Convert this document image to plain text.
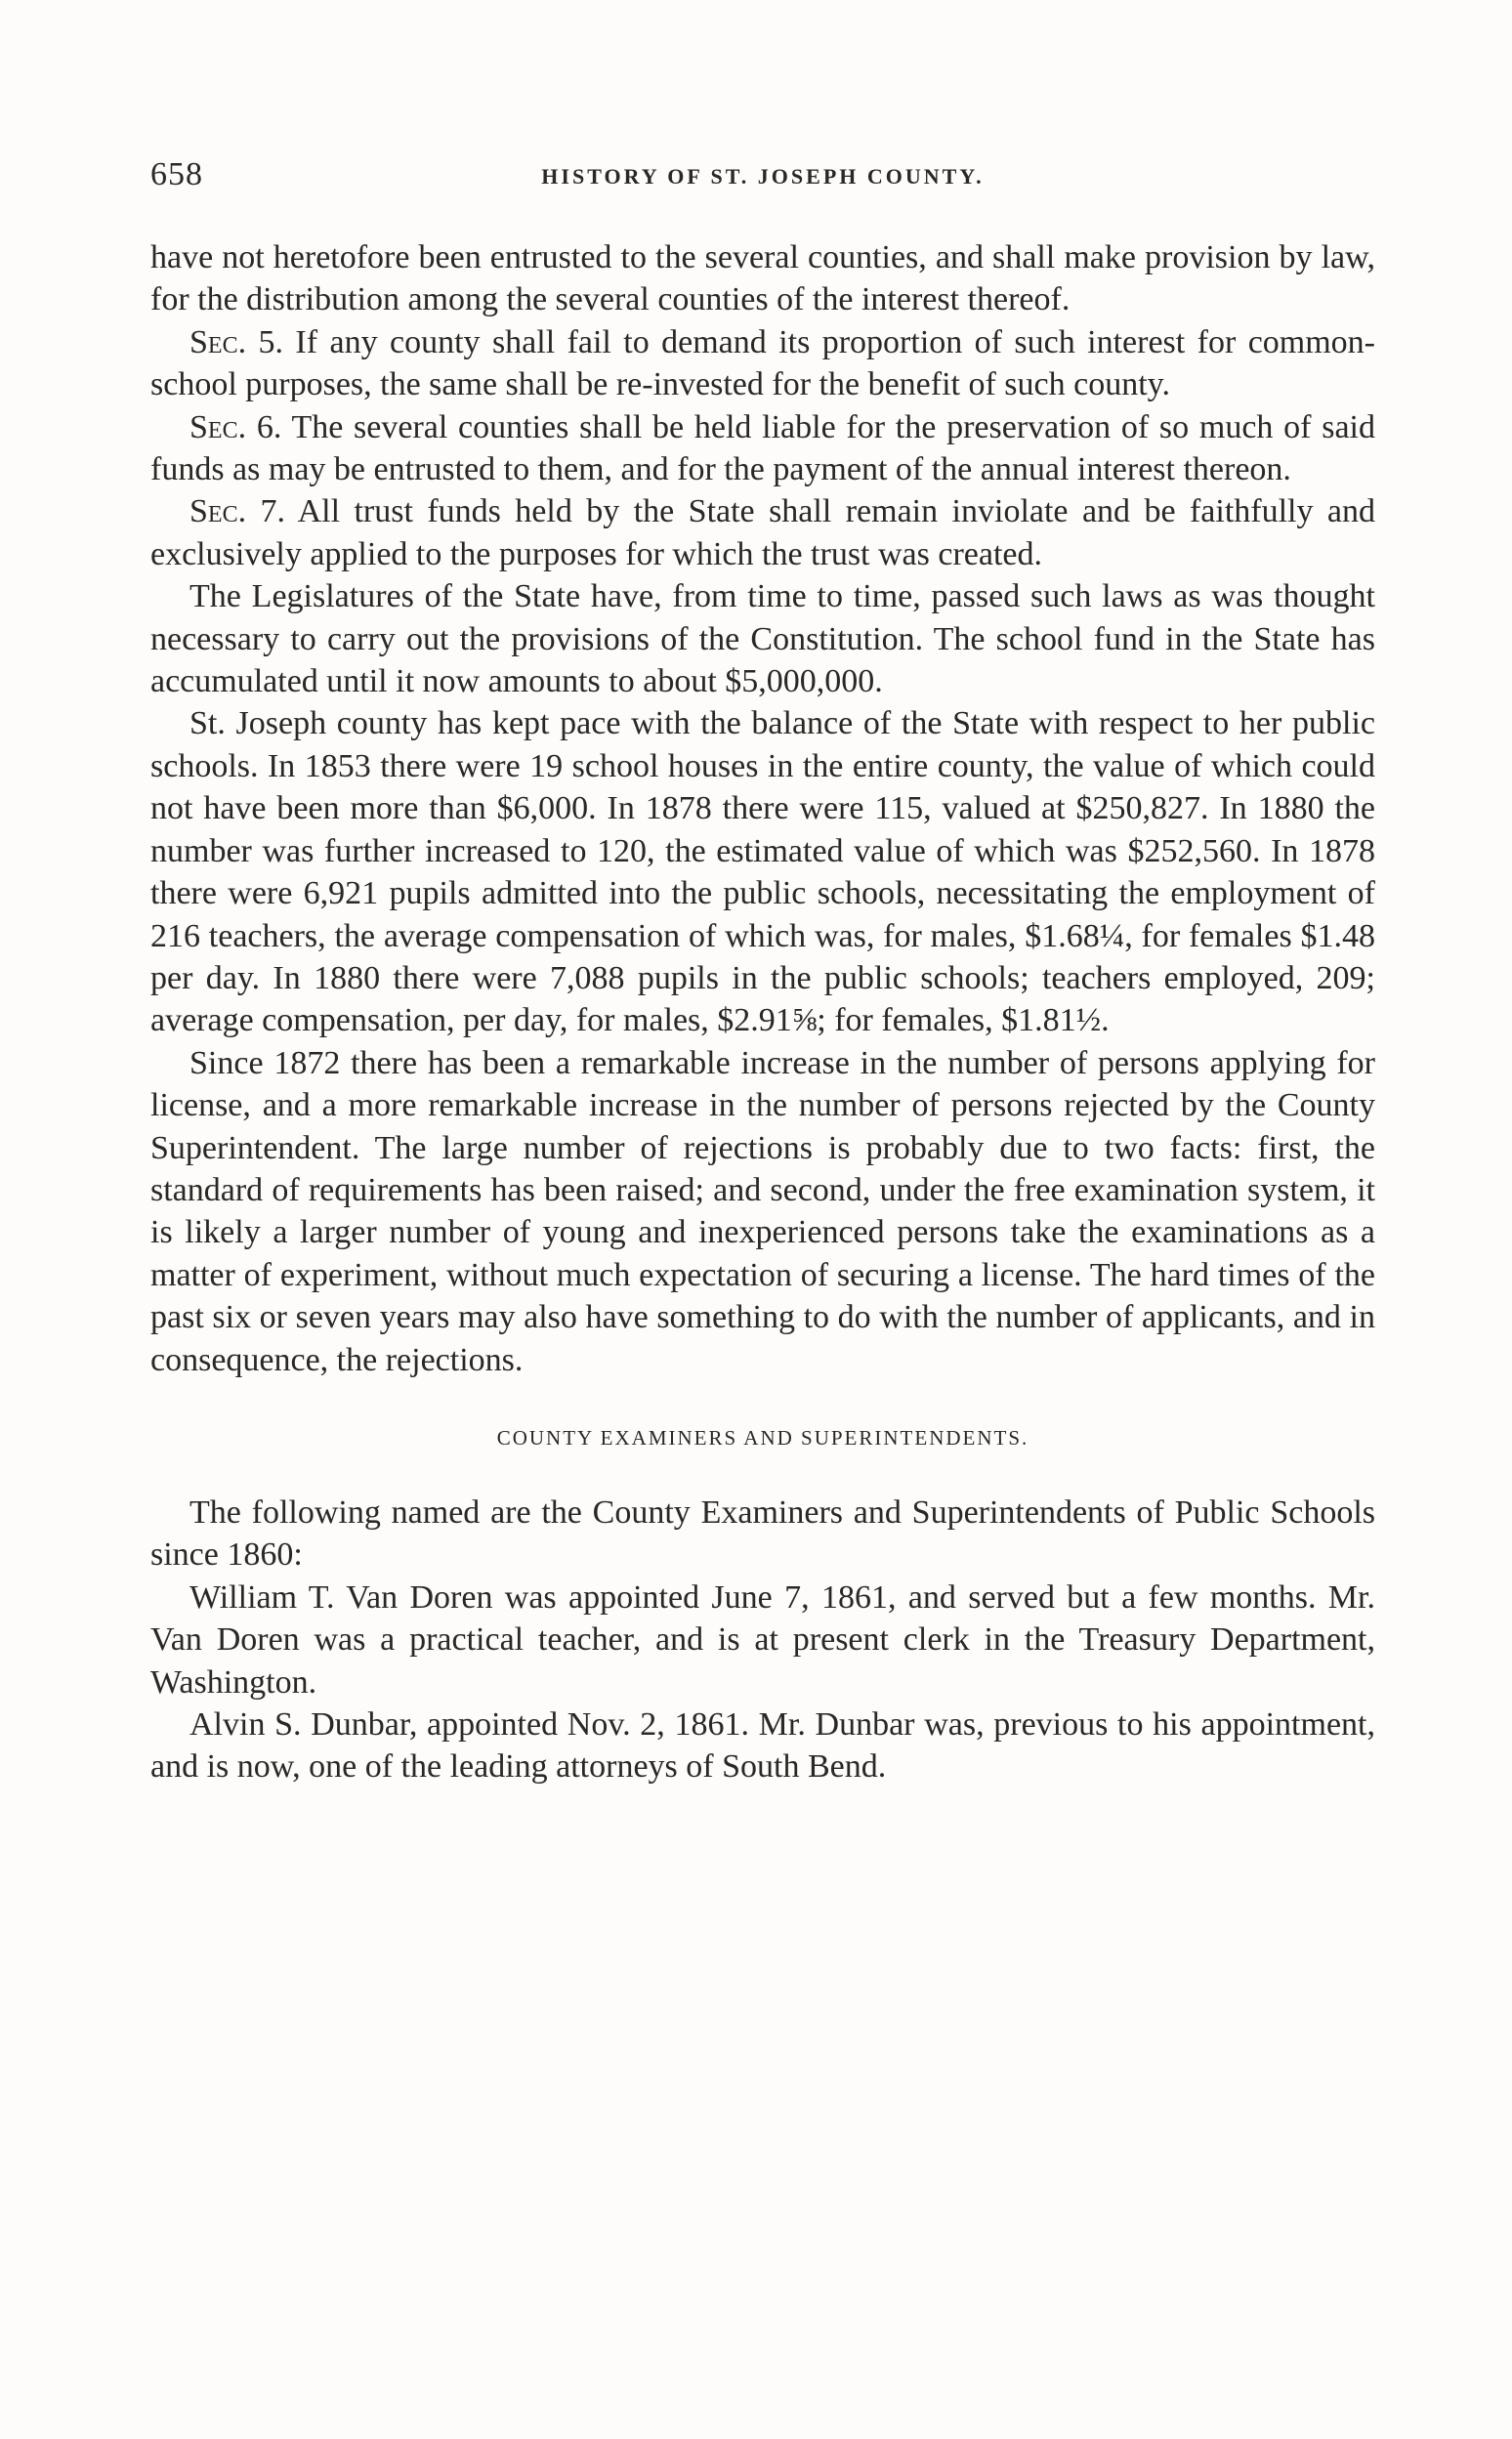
658	HISTORY OF ST. JOSEPH COUNTY.

have not heretofore been entrusted to the several counties, and shall make provision by law, for the distribution among the several counties of the interest thereof.

Sec. 5. If any county shall fail to demand its proportion of such interest for common-school purposes, the same shall be re-invested for the benefit of such county.

Sec. 6. The several counties shall be held liable for the preservation of so much of said funds as may be entrusted to them, and for the payment of the annual interest thereon.

Sec. 7. All trust funds held by the State shall remain inviolate and be faithfully and exclusively applied to the purposes for which the trust was created.

The Legislatures of the State have, from time to time, passed such laws as was thought necessary to carry out the provisions of the Constitution. The school fund in the State has accumulated until it now amounts to about $5,000,000.

St. Joseph county has kept pace with the balance of the State with respect to her public schools. In 1853 there were 19 school houses in the entire county, the value of which could not have been more than $6,000. In 1878 there were 115, valued at $250,827. In 1880 the number was further increased to 120, the estimated value of which was $252,560. In 1878 there were 6,921 pupils admitted into the public schools, necessitating the employment of 216 teachers, the average compensation of which was, for males, $1.68¼, for females $1.48 per day. In 1880 there were 7,088 pupils in the public schools; teachers employed, 209; average compensation, per day, for males, $2.91⅝; for females, $1.81½.

Since 1872 there has been a remarkable increase in the number of persons applying for license, and a more remarkable increase in the number of persons rejected by the County Superintendent. The large number of rejections is probably due to two facts: first, the standard of requirements has been raised; and second, under the free examination system, it is likely a larger number of young and inexperienced persons take the examinations as a matter of experiment, without much expectation of securing a license. The hard times of the past six or seven years may also have something to do with the number of applicants, and in consequence, the rejections.

COUNTY EXAMINERS AND SUPERINTENDENTS.

The following named are the County Examiners and Superintendents of Public Schools since 1860:

William T. Van Doren was appointed June 7, 1861, and served but a few months. Mr. Van Doren was a practical teacher, and is at present clerk in the Treasury Department, Washington.

Alvin S. Dunbar, appointed Nov. 2, 1861. Mr. Dunbar was, previous to his appointment, and is now, one of the leading attorneys of South Bend.
